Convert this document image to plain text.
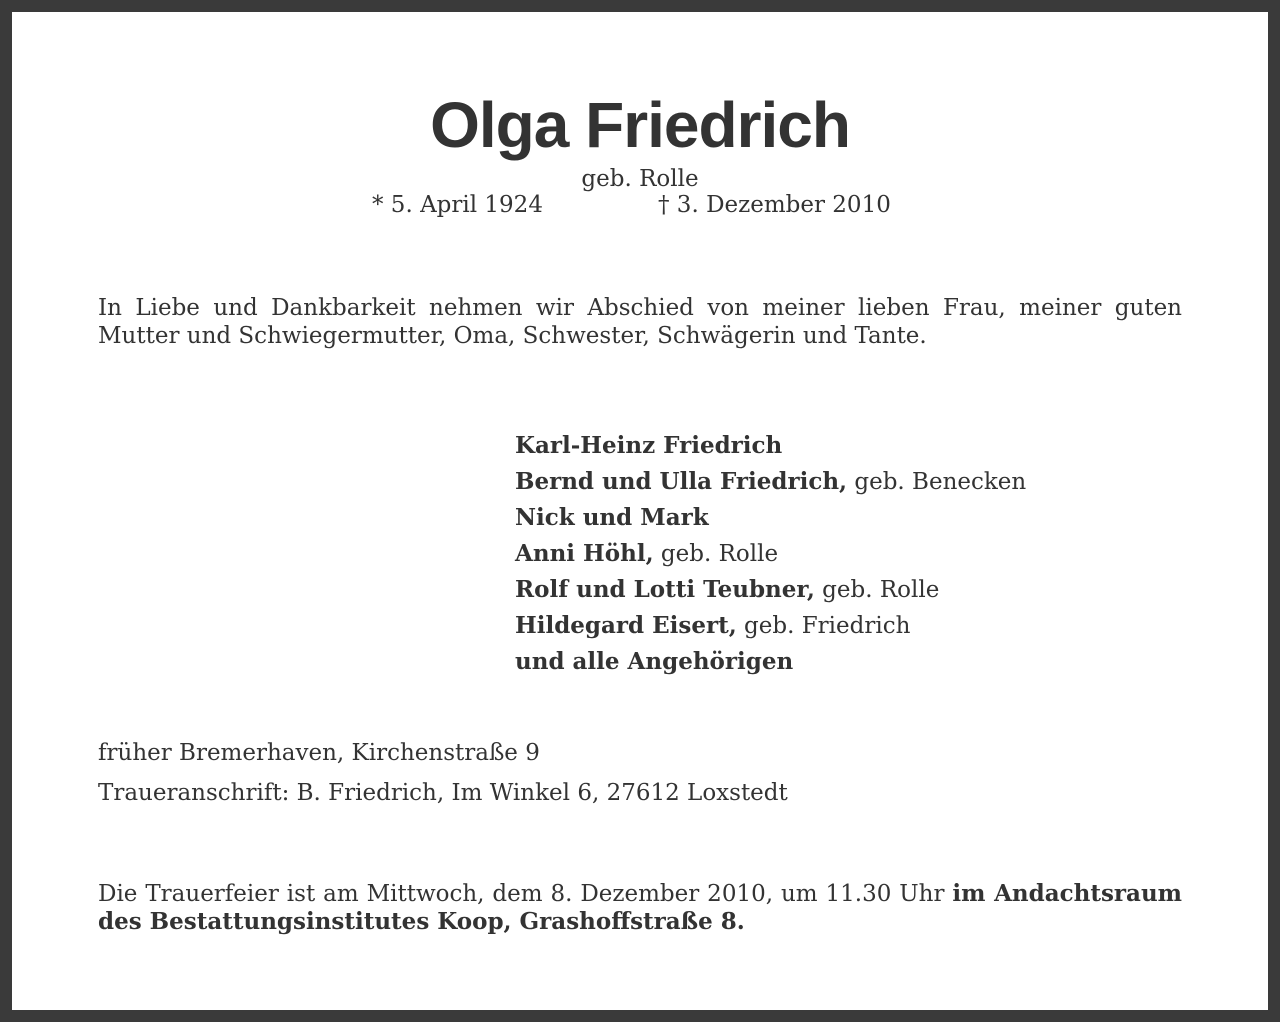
Olga Friedrich
geb. Rolle
* 5. April 1924	† 3. Dezember 2010
In Liebe und Dankbarkeit nehmen wir Abschied von meiner lieben Frau, meiner guten Mutter und Schwiegermutter, Oma, Schwester, Schwägerin und Tante.
Karl-Heinz Friedrich
Bernd und Ulla Friedrich, geb. Benecken
Nick und Mark
Anni Höhl, geb. Rolle
Rolf und Lotti Teubner, geb. Rolle
Hildegard Eisert, geb. Friedrich
und alle Angehörigen
früher Bremerhaven, Kirchenstraße 9
Traueranschrift: B. Friedrich, Im Winkel 6, 27612 Loxstedt
Die Trauerfeier ist am Mittwoch, dem 8. Dezember 2010, um 11.30 Uhr im Andachtsraum des Bestattungsinstitutes Koop, Grashoffstraße 8.
